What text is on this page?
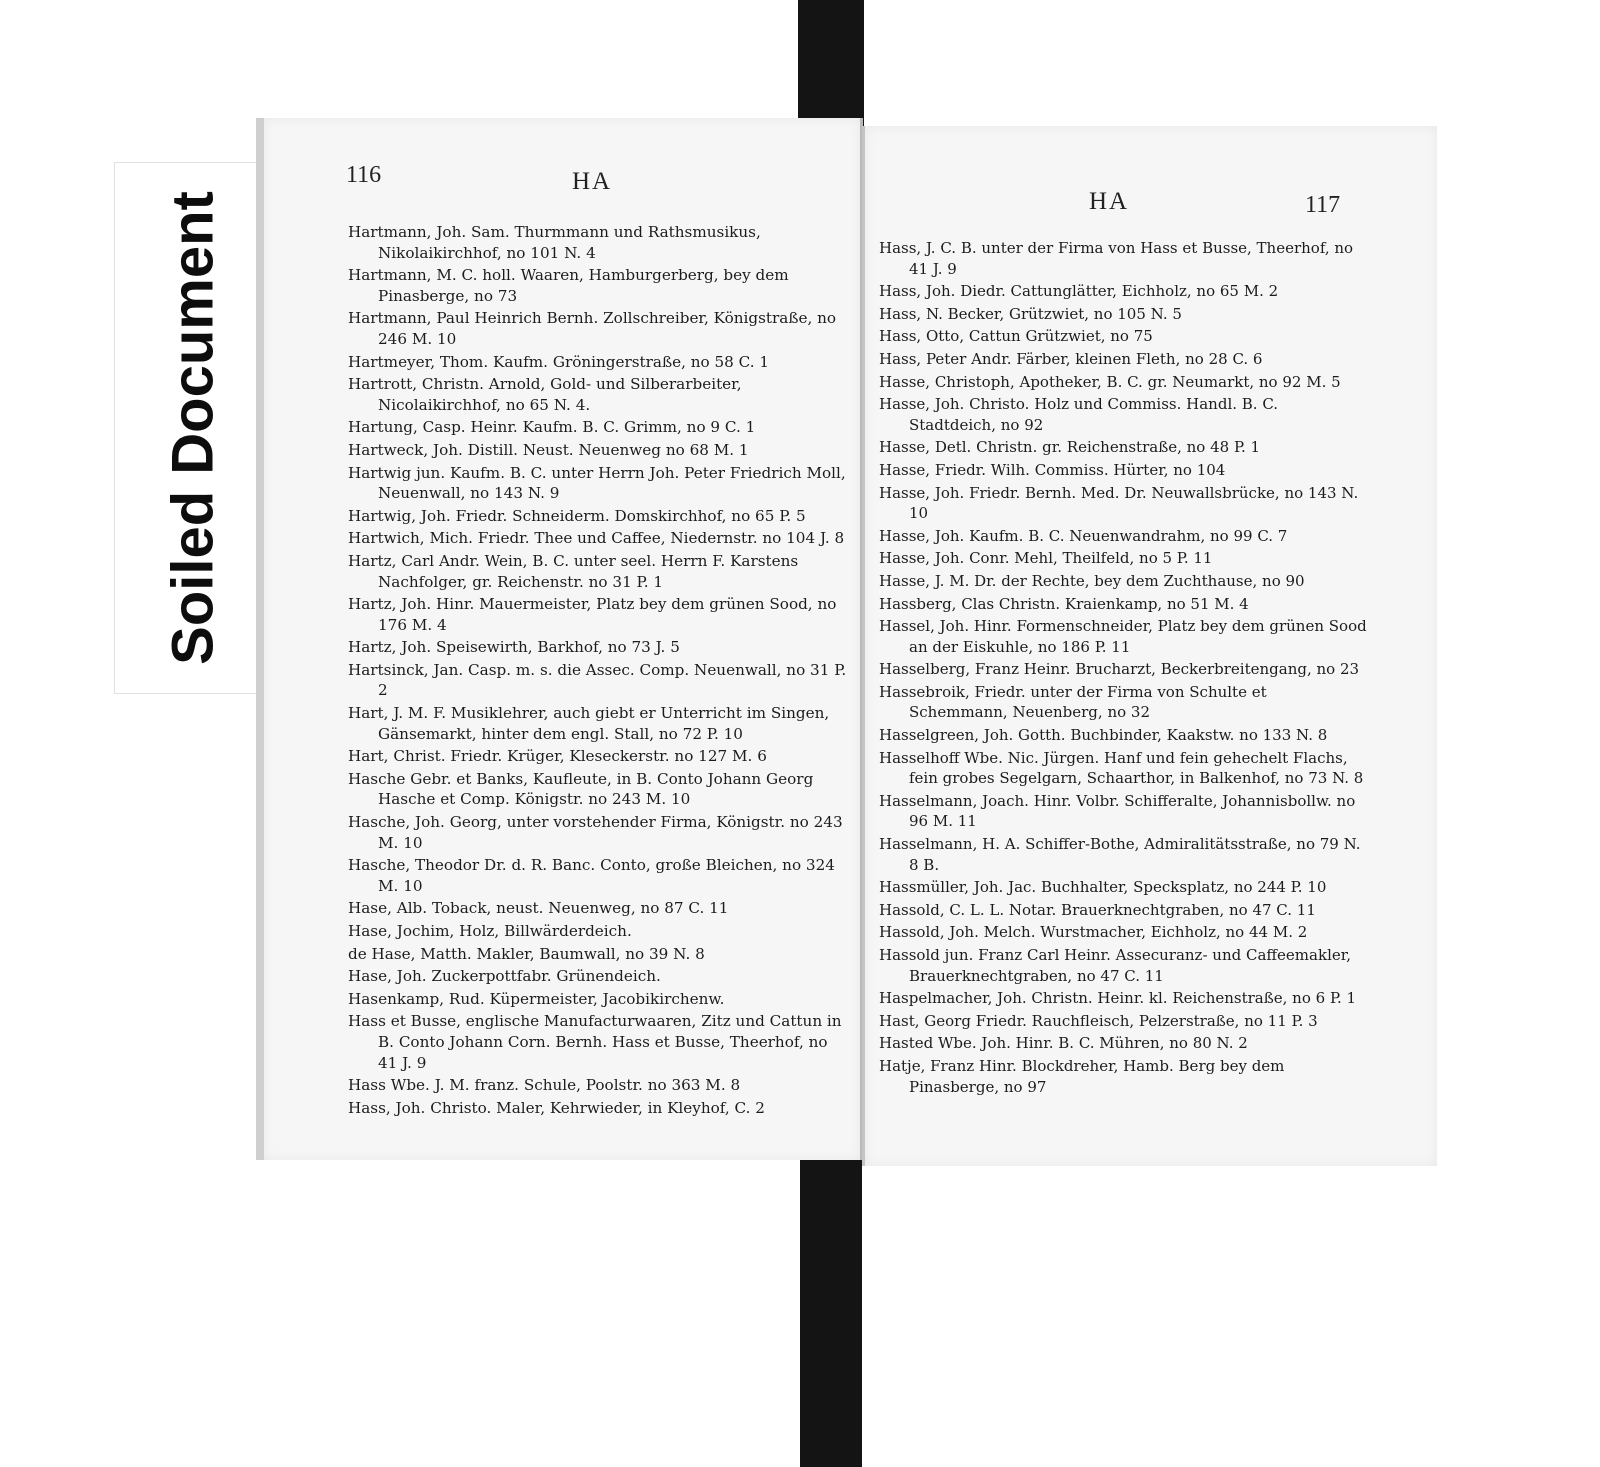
Soiled Document
116	HA
Hartmann, Joh. Sam. Thurmmann und Rathsmusikus, Nikolaikirchhof, no 101 N. 4
Hartmann, M. C. holl. Waaren, Hamburgerberg, bey dem Pinasberge, no 73
Hartmann, Paul Heinrich Bernh. Zollschreiber, Königstraße, no 246 M. 10
Hartmeyer, Thom. Kaufm. Gröningerstraße, no 58 C. 1
Hartrott, Christn. Arnold, Gold- und Silberarbeiter, Nicolaikirchhof, no 65 N. 4.
Hartung, Casp. Heinr. Kaufm. B. C. Grimm, no 9 C. 1
Hartweck, Joh. Distill. Neust. Neuenweg no 68 M. 1
Hartwig jun. Kaufm. B. C. unter Herrn Joh. Peter Friedrich Moll, Neuenwall, no 143 N. 9
Hartwig, Joh. Friedr. Schneiderm. Domskirchhof, no 65 P. 5
Hartwich, Mich. Friedr. Thee und Caffee, Niedernstr. no 104 J. 8
Hartz, Carl Andr. Wein, B. C. unter seel. Herrn F. Karstens Nachfolger, gr. Reichenstr. no 31 P. 1
Hartz, Joh. Hinr. Mauermeister, Platz bey dem grünen Sood, no 176 M. 4
Hartz, Joh. Speisewirth, Barkhof, no 73 J. 5
Hartsinck, Jan. Casp. m. s. die Assec. Comp. Neuenwall, no 31 P. 2
Hart, J. M. F. Musiklehrer, auch giebt er Unterricht im Singen, Gänsemarkt, hinter dem engl. Stall, no 72 P. 10
Hart, Christ. Friedr. Krüger, Kleseckerstr. no 127 M. 6
Hasche Gebr. et Banks, Kaufleute, in B. Conto Johann Georg Hasche et Comp. Königstr. no 243 M. 10
Hasche, Joh. Georg, unter vorstehender Firma, Königstr. no 243 M. 10
Hasche, Theodor Dr. d. R. Banc. Conto, große Bleichen, no 324 M. 10
Hase, Alb. Toback, neust. Neuenweg, no 87 C. 11
Hase, Jochim, Holz, Billwärderdeich.
de Hase, Matth. Makler, Baumwall, no 39 N. 8
Hase, Joh. Zuckerpottfabr. Grünendeich.
Hasenkamp, Rud. Küpermeister, Jacobikirchenw.
Hass et Busse, englische Manufacturwaaren, Zitz und Cattun in B. Conto Johann Corn. Bernh. Hass et Busse, Theerhof, no 41 J. 9
Hass Wbe. J. M. franz. Schule, Poolstr. no 363 M. 8
Hass, Joh. Christo. Maler, Kehrwieder, in Kleyhof, C. 2
HA	117
Hass, J. C. B. unter der Firma von Hass et Busse, Theerhof, no 41 J. 9
Hass, Joh. Diedr. Cattunglätter, Eichholz, no 65 M. 2
Hass, N. Becker, Grützwiet, no 105 N. 5
Hass, Otto, Cattun Grützwiet, no 75
Hass, Peter Andr. Färber, kleinen Fleth, no 28 C. 6
Hasse, Christoph, Apotheker, B. C. gr. Neumarkt, no 92 M. 5
Hasse, Joh. Christo. Holz und Commiss. Handl. B. C. Stadtdeich, no 92
Hasse, Detl. Christn. gr. Reichenstraße, no 48 P. 1
Hasse, Friedr. Wilh. Commiss. Hürter, no 104
Hasse, Joh. Friedr. Bernh. Med. Dr. Neuwallsbrücke, no 143 N. 10
Hasse, Joh. Kaufm. B. C. Neuenwandrahm, no 99 C. 7
Hasse, Joh. Conr. Mehl, Theilfeld, no 5 P. 11
Hasse, J. M. Dr. der Rechte, bey dem Zuchthause, no 90
Hassberg, Clas Christn. Kraienkamp, no 51 M. 4
Hassel, Joh. Hinr. Formenschneider, Platz bey dem grünen Sood an der Eiskuhle, no 186 P. 11
Hasselberg, Franz Heinr. Brucharzt, Beckerbreitengang, no 23
Hassebroik, Friedr. unter der Firma von Schulte et Schemmann, Neuenberg, no 32
Hasselgreen, Joh. Gotth. Buchbinder, Kaakstw. no 133 N. 8
Hasselhoff Wbe. Nic. Jürgen. Hanf und fein gehechelt Flachs, fein grobes Segelgarn, Schaarthor, in Balkenhof, no 73 N. 8
Hasselmann, Joach. Hinr. Volbr. Schifferalte, Johannisbollw. no 96 M. 11
Hasselmann, H. A. Schiffer-Bothe, Admiralitätsstraße, no 79 N. 8 B.
Hassmüller, Joh. Jac. Buchhalter, Specksplatz, no 244 P. 10
Hassold, C. L. L. Notar. Brauerknechtgraben, no 47 C. 11
Hassold, Joh. Melch. Wurstmacher, Eichholz, no 44 M. 2
Hassold jun. Franz Carl Heinr. Assecuranz- und Caffeemakler, Brauerknechtgraben, no 47 C. 11
Haspelmacher, Joh. Christn. Heinr. kl. Reichenstraße, no 6 P. 1
Hast, Georg Friedr. Rauchfleisch, Pelzerstraße, no 11 P. 3
Hasted Wbe. Joh. Hinr. B. C. Mühren, no 80 N. 2
Hatje, Franz Hinr. Blockdreher, Hamb. Berg bey dem Pinasberge, no 97
